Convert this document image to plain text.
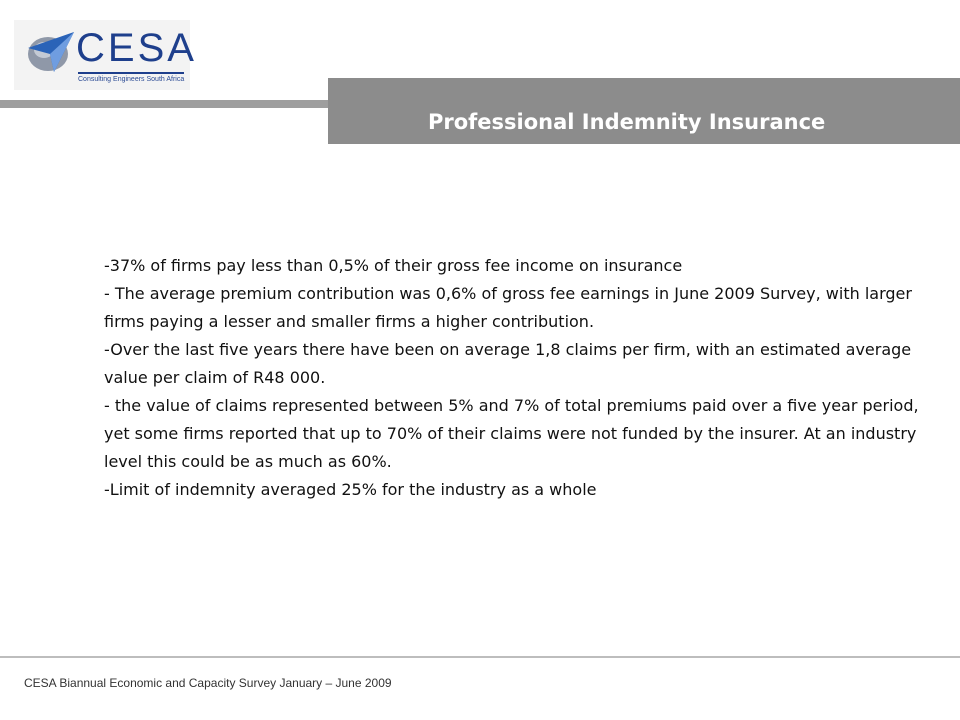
CESA
Consulting Engineers South Africa
Professional Indemnity Insurance

-37% of firms pay less than 0,5% of their gross fee income on insurance

- The average premium contribution was 0,6% of gross fee earnings in June 2009 Survey, with larger firms paying a lesser and smaller firms a higher contribution.

-Over the last five years there have been on average 1,8 claims per firm, with an estimated average value per claim of R48 000.

- the value of claims represented between 5% and 7% of total premiums paid over a five year period, yet some firms reported that up to 70% of their claims were not funded by the insurer. At an industry level this could be as much as 60%.

-Limit of indemnity averaged 25% for the industry as a whole

CESA Biannual Economic and Capacity Survey January – June 2009
